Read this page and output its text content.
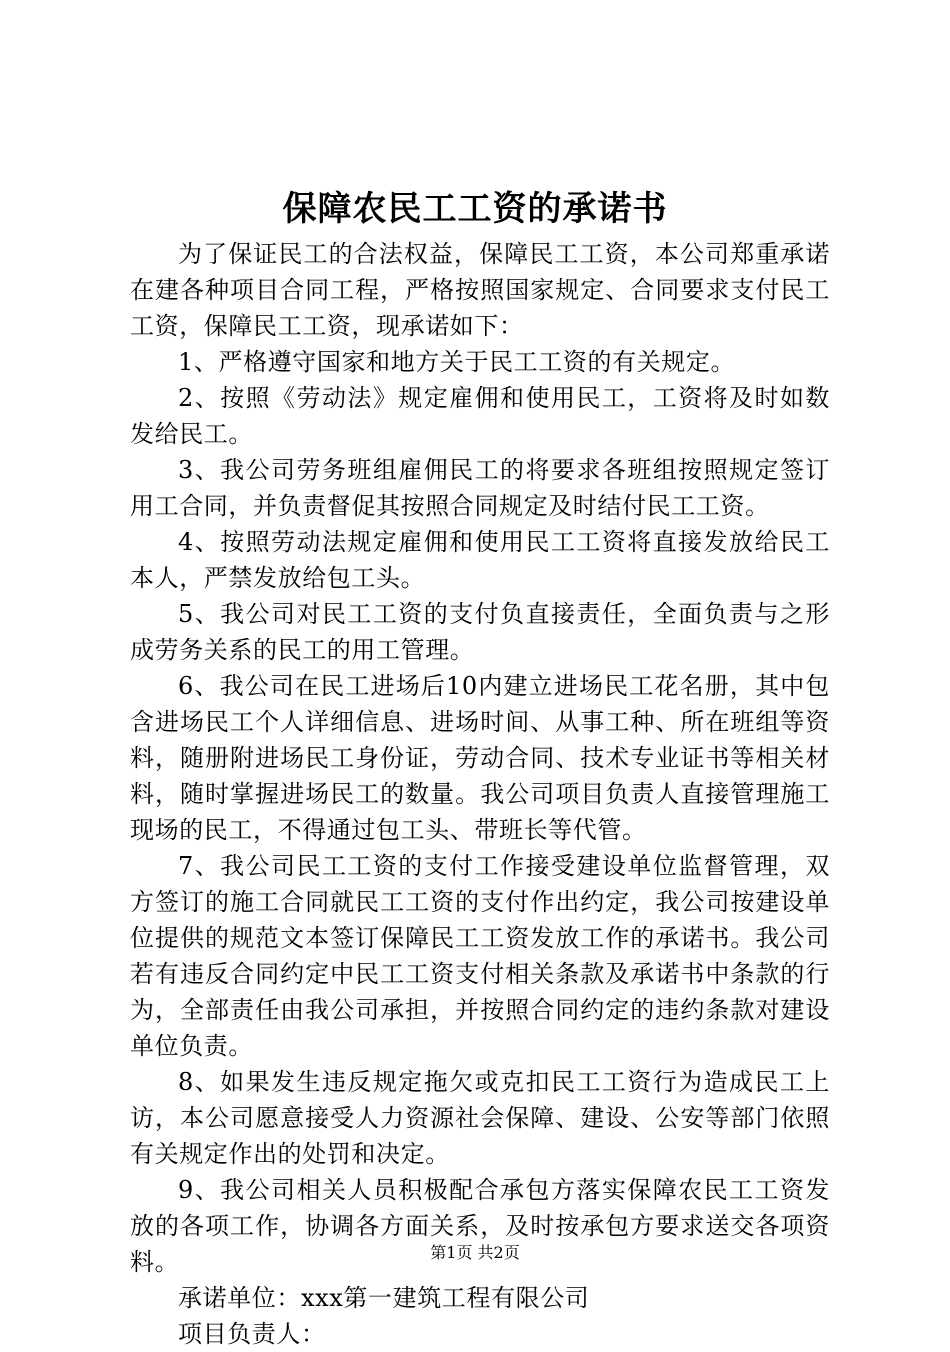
保障农民工工资的承诺书

为了保证民工的合法权益，保障民工工资，本公司郑重承诺在建各种项目合同工程，严格按照国家规定、合同要求支付民工工资，保障民工工资，现承诺如下：

1、严格遵守国家和地方关于民工工资的有关规定。

2、按照《劳动法》规定雇佣和使用民工，工资将及时如数发给民工。

3、我公司劳务班组雇佣民工的将要求各班组按照规定签订用工合同，并负责督促其按照合同规定及时结付民工工资。

4、按照劳动法规定雇佣和使用民工工资将直接发放给民工本人，严禁发放给包工头。

5、我公司对民工工资的支付负直接责任，全面负责与之形成劳务关系的民工的用工管理。

6、我公司在民工进场后10内建立进场民工花名册，其中包含进场民工个人详细信息、进场时间、从事工种、所在班组等资料，随册附进场民工身份证，劳动合同、技术专业证书等相关材料，随时掌握进场民工的数量。我公司项目负责人直接管理施工现场的民工，不得通过包工头、带班长等代管。

7、我公司民工工资的支付工作接受建设单位监督管理，双方签订的施工合同就民工工资的支付作出约定，我公司按建设单位提供的规范文本签订保障民工工资发放工作的承诺书。我公司若有违反合同约定中民工工资支付相关条款及承诺书中条款的行为，全部责任由我公司承担，并按照合同约定的违约条款对建设单位负责。

8、如果发生违反规定拖欠或克扣民工工资行为造成民工上访，本公司愿意接受人力资源社会保障、建设、公安等部门依照有关规定作出的处罚和决定。

9、我公司相关人员积极配合承包方落实保障农民工工资发放的各项工作，协调各方面关系，及时按承包方要求送交各项资料。

承诺单位：xxx第一建筑工程有限公司

项目负责人：

第1页 共2页
